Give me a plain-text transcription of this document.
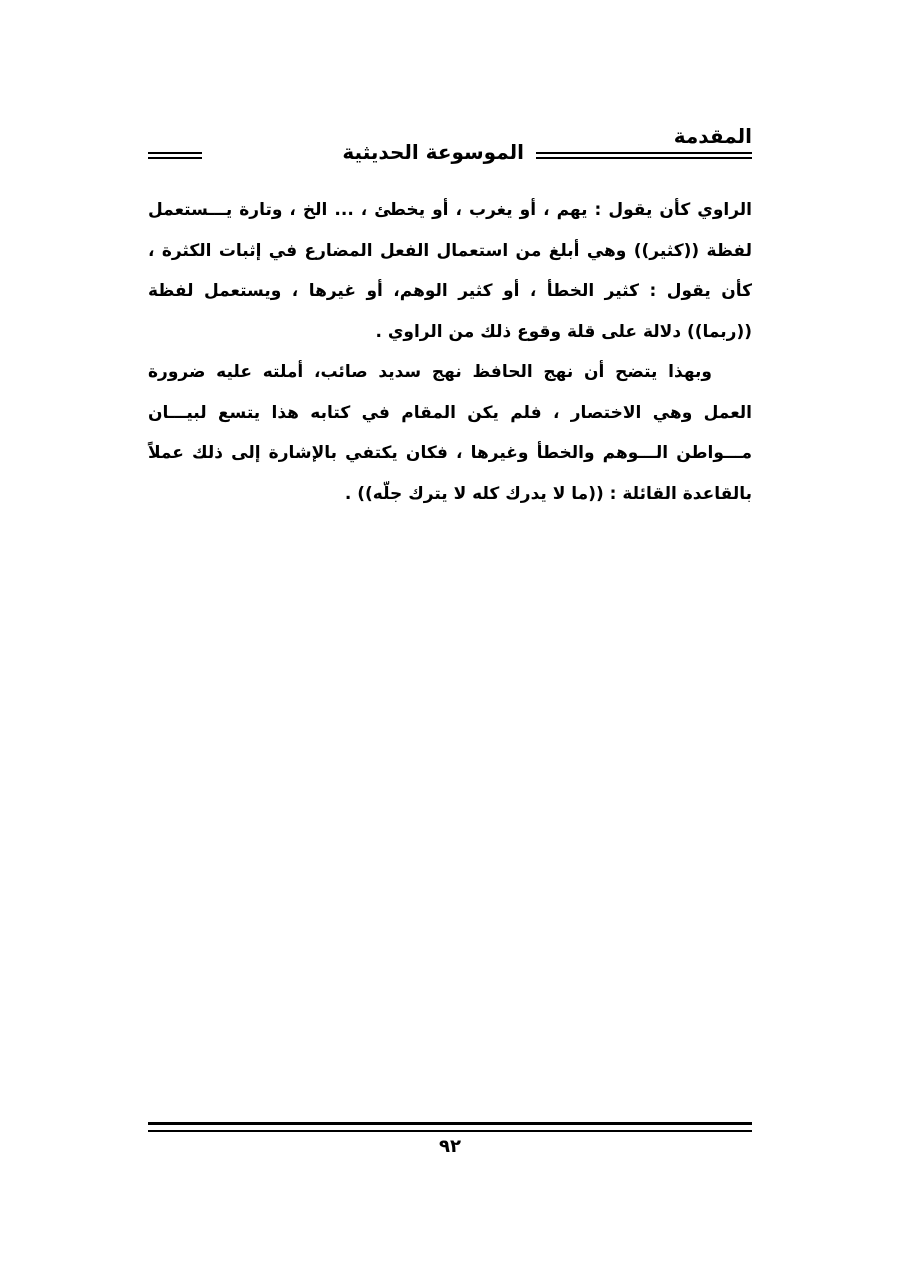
المقدمة
الموسوعة الحديثية

الراوي كأن يقول : يهم ، أو يغرب ، أو يخطئ ، ... الخ ، وتارة يـــستعمل لفظة ((كثير)) وهي أبلغ من استعمال الفعل المضارع في إثبات الكثرة ، كأن يقول : كثير الخطأ ، أو كثير الوهم، أو غيرها ، ويستعمل لفظة ((ربما)) دلالة على قلة وقوع ذلك من الراوي .

وبهذا يتضح أن نهج الحافظ نهج سديد صائب، أملته عليه ضرورة العمل وهي الاختصار ، فلم يكن المقام في كتابه هذا يتسع لبيـــان مـــواطن الـــوهم والخطأ وغيرها ، فكان يكتفي بالإشارة إلى ذلك عملاً بالقاعدة القائلة : ((ما لا يدرك كله لا يترك جلّه)) .

٩٢
